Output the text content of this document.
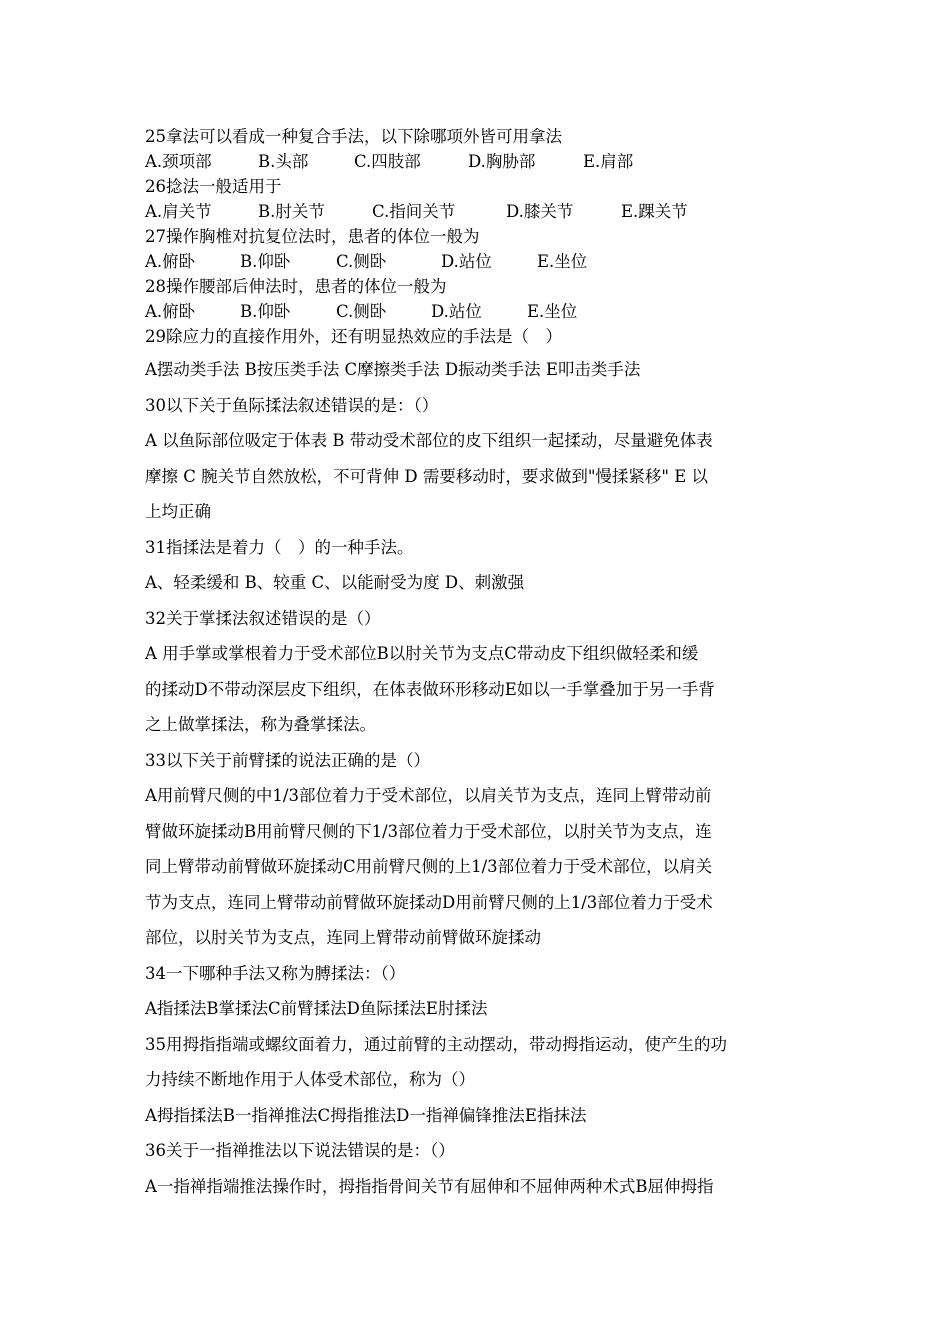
25拿法可以看成一种复合手法，以下除哪项外皆可用拿法
A.颈项部	B.头部	C.四肢部	D.胸胁部	E.肩部
26捻法一般适用于
A.肩关节	B.肘关节	C.指间关节	D.膝关节	E.踝关节
27操作胸椎对抗复位法时，患者的体位一般为
A.俯卧	B.仰卧	C.侧卧	D.站位	E.坐位
28操作腰部后伸法时，患者的体位一般为
A.俯卧	B.仰卧	C.侧卧	D.站位	E.坐位
29除应力的直接作用外，还有明显热效应的手法是（　）
A摆动类手法 B按压类手法 C摩擦类手法 D振动类手法 E叩击类手法
30以下关于鱼际揉法叙述错误的是：（）
A 以鱼际部位吸定于体表 B 带动受术部位的皮下组织一起揉动，尽量避免体表
摩擦 C 腕关节自然放松，不可背伸 D 需要移动时，要求做到"慢揉紧移" E 以
上均正确
31指揉法是着力（　）的一种手法。
A、轻柔缓和 B、较重 C、以能耐受为度 D、刺激强
32关于掌揉法叙述错误的是（）
A 用手掌或掌根着力于受术部位B以肘关节为支点C带动皮下组织做轻柔和缓
的揉动D不带动深层皮下组织，在体表做环形移动E如以一手掌叠加于另一手背
之上做掌揉法，称为叠掌揉法。
33以下关于前臂揉的说法正确的是（）
A用前臂尺侧的中1/3部位着力于受术部位，以肩关节为支点，连同上臂带动前
臂做环旋揉动B用前臂尺侧的下1/3部位着力于受术部位，以肘关节为支点，连
同上臂带动前臂做环旋揉动C用前臂尺侧的上1/3部位着力于受术部位，以肩关
节为支点，连同上臂带动前臂做环旋揉动D用前臂尺侧的上1/3部位着力于受术
部位，以肘关节为支点，连同上臂带动前臂做环旋揉动
34一下哪种手法又称为膊揉法：（）
A指揉法B掌揉法C前臂揉法D鱼际揉法E肘揉法
35用拇指指端或螺纹面着力，通过前臂的主动摆动，带动拇指运动，使产生的功
力持续不断地作用于人体受术部位，称为（）
A拇指揉法B一指禅推法C拇指推法D一指禅偏锋推法E指抹法
36关于一指禅推法以下说法错误的是：（）
A一指禅指端推法操作时，拇指指骨间关节有屈伸和不屈伸两种术式B屈伸拇指
